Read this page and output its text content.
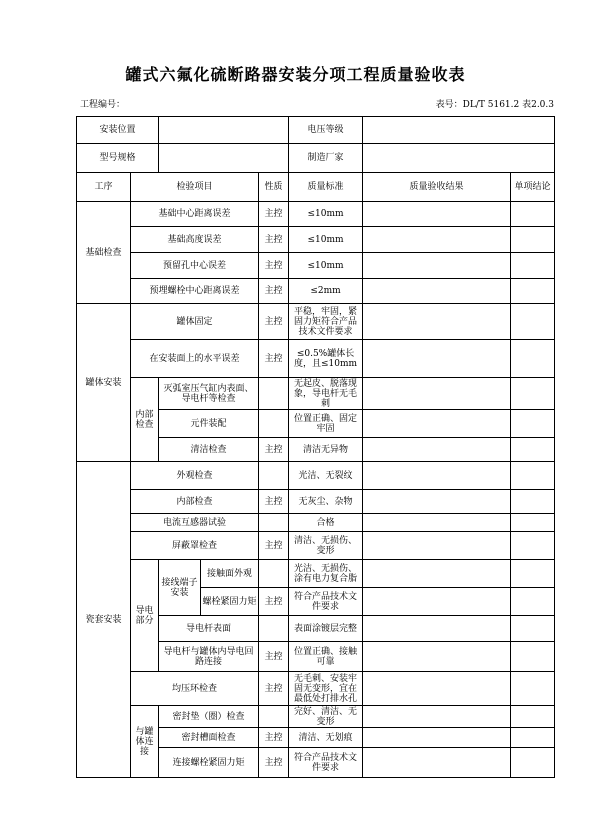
罐式六氟化硫断路器安装分项工程质量验收表
工程编号：	表号：DL/T 5161.2 表2.0.3
安装位置					电压等级		
型号规格					制造厂家		
工序	检验项目			性质	质量标准	质量验收结果	单项结论
基础检查	基础中心距离误差			主控	≤10mm		
	基础高度误差			主控	≤10mm		
	预留孔中心误差			主控	≤10mm		
	预埋螺栓中心距离误差			主控	≤2mm		
罐体安装	罐体固定			主控	平稳，牢固，紧固力矩符合产品技术文件要求		
	在安装面上的水平误差			主控	≤0.5%罐体长度，且≤10mm		
	内部检查	灭弧室压气缸内表面、导电杆等检查			无起皮、脱落现象，导电杆无毛刺		
		元件装配			位置正确、固定牢固		
		清洁检查		主控	清洁无异物		
瓷套安装	外观检查				光洁、无裂纹		
	内部检查			主控	无灰尘、杂物		
	电流互感器试验				合格		
	屏蔽罩检查			主控	清洁、无损伤、变形		
	导电部分	接线端子安装	接触面外观		光洁、无损伤、涂有电力复合脂		
			螺栓紧固力矩	主控	符合产品技术文件要求		
		导电杆表面			表面涂镀层完整		
		导电杆与罐体内导电回路连接		主控	位置正确、接触可靠		
	均压环检查			主控	无毛刺、安装牢固无变形，宜在最低处打排水孔		
	与罐体连接	密封垫（圈）检查			完好、清洁、无变形		
		密封槽面检查		主控	清洁、无划痕		
		连接螺栓紧固力矩		主控	符合产品技术文件要求		
